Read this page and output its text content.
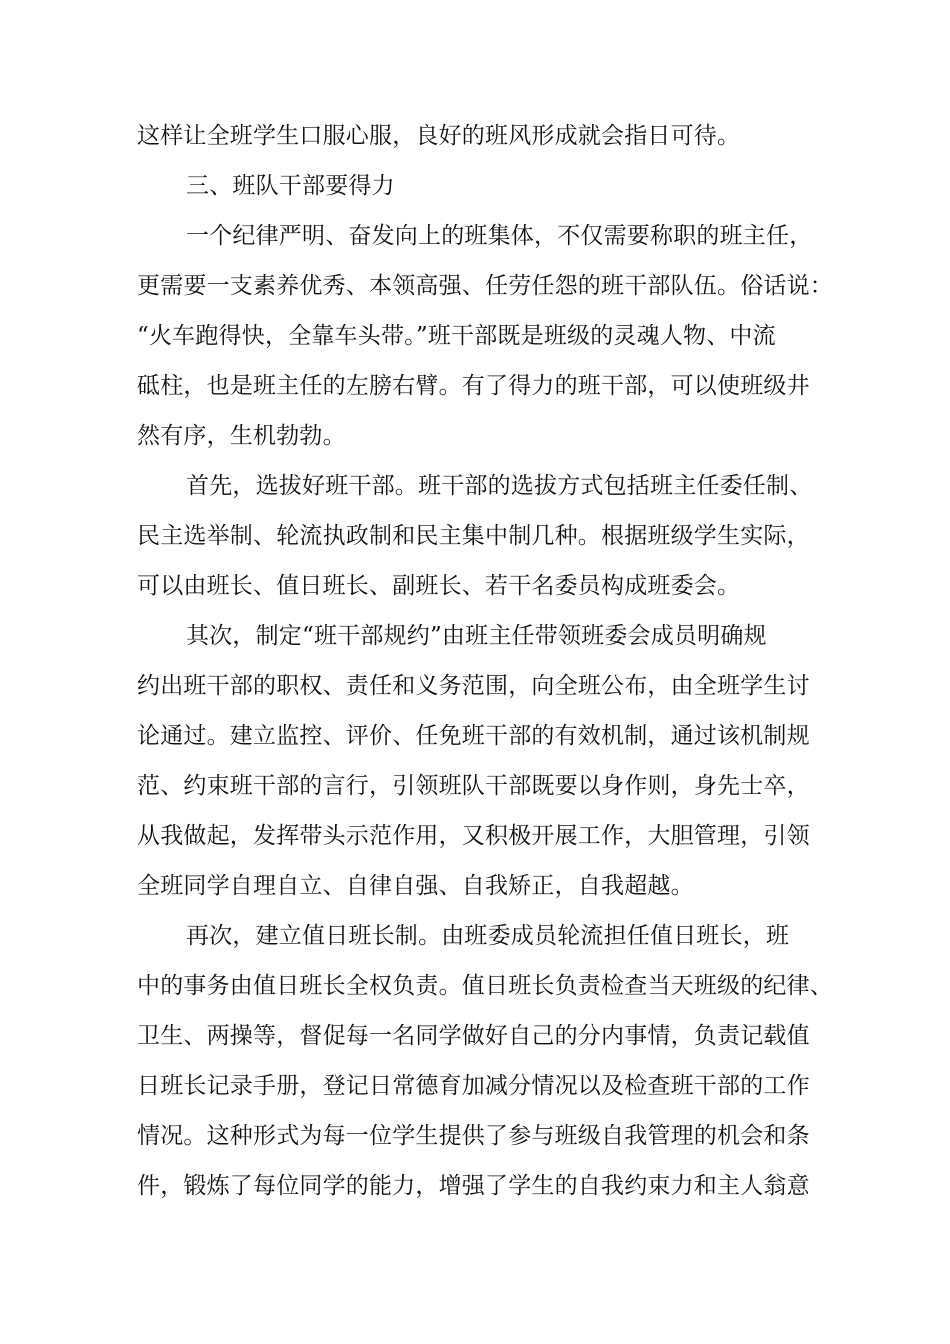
这样让全班学生口服心服，良好的班风形成就会指日可待。
三、班队干部要得力
一个纪律严明、奋发向上的班集体，不仅需要称职的班主任，
更需要一支素养优秀、本领高强、任劳任怨的班干部队伍。俗话说：
“火车跑得快，全靠车头带。”班干部既是班级的灵魂人物、中流
砥柱，也是班主任的左膀右臂。有了得力的班干部，可以使班级井
然有序，生机勃勃。
首先，选拔好班干部。班干部的选拔方式包括班主任委任制、
民主选举制、轮流执政制和民主集中制几种。根据班级学生实际，
可以由班长、值日班长、副班长、若干名委员构成班委会。
其次，制定“班干部规约”由班主任带领班委会成员明确规
约出班干部的职权、责任和义务范围，向全班公布，由全班学生讨
论通过。建立监控、评价、任免班干部的有效机制，通过该机制规
范、约束班干部的言行，引领班队干部既要以身作则，身先士卒，
从我做起，发挥带头示范作用，又积极开展工作，大胆管理，引领
全班同学自理自立、自律自强、自我矫正，自我超越。
再次，建立值日班长制。由班委成员轮流担任值日班长，班
中的事务由值日班长全权负责。值日班长负责检查当天班级的纪律、
卫生、两操等，督促每一名同学做好自己的分内事情，负责记载值
日班长记录手册，登记日常德育加减分情况以及检查班干部的工作
情况。这种形式为每一位学生提供了参与班级自我管理的机会和条
件，锻炼了每位同学的能力，增强了学生的自我约束力和主人翁意
